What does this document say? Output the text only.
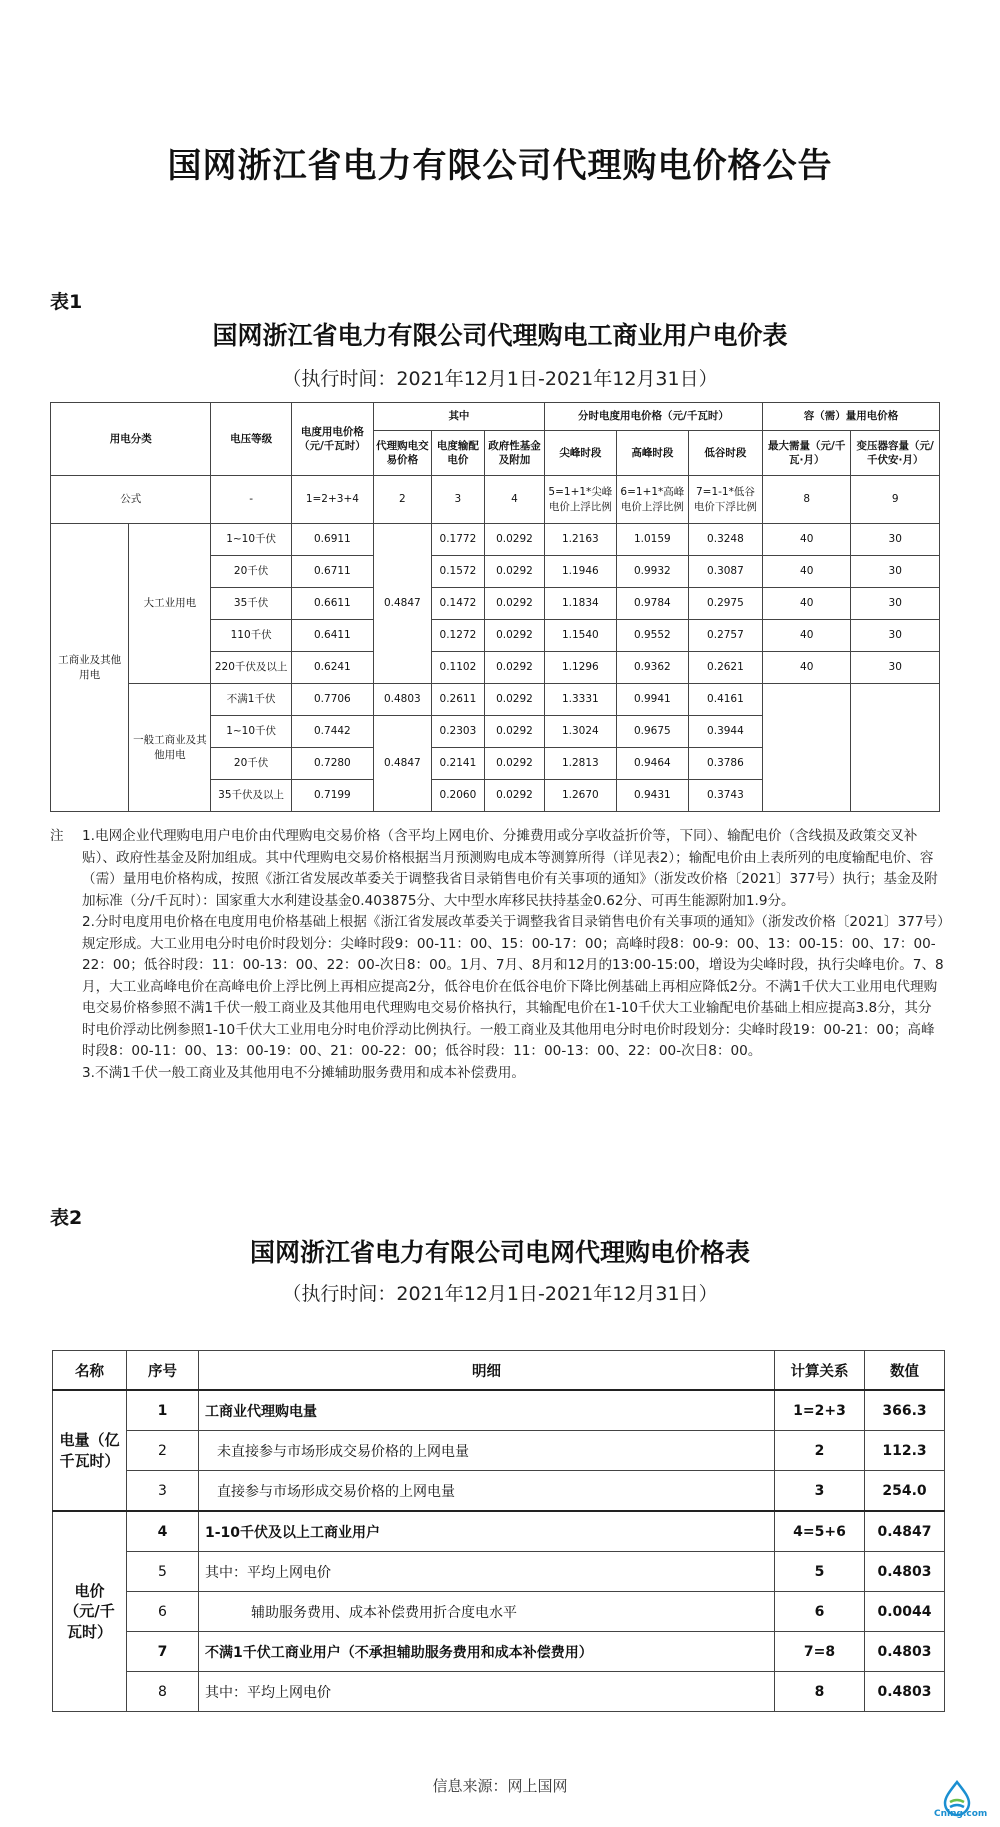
国网浙江省电力有限公司代理购电价格公告
表1
国网浙江省电力有限公司代理购电工商业用户电价表
（执行时间：2021年12月1日-2021年12月31日）
用电分类		电压等级	电度用电价格（元/千瓦时）	其中			分时电度用电价格（元/千瓦时）			容（需）量用电价格	
				代理购电交易价格	电度输配电价	政府性基金及附加	尖峰时段	高峰时段	低谷时段	最大需量（元/千瓦·月）	变压器容量（元/千伏安·月）
公式		-	1=2+3+4	2	3	4	5=1+1*尖峰电价上浮比例	6=1+1*高峰电价上浮比例	7=1-1*低谷电价下浮比例	8	9
工商业及其他用电	大工业用电	1~10千伏	0.6911	0.4847	0.1772	0.0292	1.2163	1.0159	0.3248	40	30
		20千伏	0.6711		0.1572	0.0292	1.1946	0.9932	0.3087	40	30
		35千伏	0.6611		0.1472	0.0292	1.1834	0.9784	0.2975	40	30
		110千伏	0.6411		0.1272	0.0292	1.1540	0.9552	0.2757	40	30
		220千伏及以上	0.6241		0.1102	0.0292	1.1296	0.9362	0.2621	40	30
	一般工商业及其他用电	不满1千伏	0.7706	0.4803	0.2611	0.0292	1.3331	0.9941	0.4161		
		1~10千伏	0.7442	0.4847	0.2303	0.0292	1.3024	0.9675	0.3944		
		20千伏	0.7280		0.2141	0.0292	1.2813	0.9464	0.3786		
		35千伏及以上	0.7199		0.2060	0.0292	1.2670	0.9431	0.3743		
注	1.电网企业代理购电用户电价由代理购电交易价格（含平均上网电价、分摊费用或分享收益折价等，下同）、输配电价（含线损及政策交叉补贴）、政府性基金及附加组成。其中代理购电交易价格根据当月预测购电成本等测算所得（详见表2）；输配电价由上表所列的电度输配电价、容（需）量用电价格构成，按照《浙江省发展改革委关于调整我省目录销售电价有关事项的通知》（浙发改价格〔2021〕377号）执行；基金及附加标准（分/千瓦时）：国家重大水利建设基金0.403875分、大中型水库移民扶持基金0.62分、可再生能源附加1.9分。

2.分时电度用电价格在电度用电价格基础上根据《浙江省发展改革委关于调整我省目录销售电价有关事项的通知》（浙发改价格〔2021〕377号）规定形成。大工业用电分时电价时段划分：尖峰时段9：00-11：00、15：00-17：00；高峰时段8：00-9：00、13：00-15：00、17：00-22：00；低谷时段：11：00-13：00、22：00-次日8：00。1月、7月、8月和12月的13:00-15:00，增设为尖峰时段，执行尖峰电价。7、8月，大工业高峰电价在高峰电价上浮比例上再相应提高2分，低谷电价在低谷电价下降比例基础上再相应降低2分。不满1千伏大工业用电代理购电交易价格参照不满1千伏一般工商业及其他用电代理购电交易价格执行，其输配电价在1-10千伏大工业输配电价基础上相应提高3.8分，其分时电价浮动比例参照1-10千伏大工业用电分时电价浮动比例执行。一般工商业及其他用电分时电价时段划分：尖峰时段19：00-21：00；高峰时段8：00-11：00、13：00-19：00、21：00-22：00；低谷时段：11：00-13：00、22：00-次日8：00。

3.不满1千伏一般工商业及其他用电不分摊辅助服务费用和成本补偿费用。

表2
国网浙江省电力有限公司电网代理购电价格表
（执行时间：2021年12月1日-2021年12月31日）
名称	序号	明细	计算关系	数值
电量（亿千瓦时）	1	工商业代理购电量	1=2+3	366.3
	2	未直接参与市场形成交易价格的上网电量	2	112.3
	3	直接参与市场形成交易价格的上网电量	3	254.0
电价（元/千瓦时）	4	1-10千伏及以上工商业用户	4=5+6	0.4847
	5	其中：平均上网电价	5	0.4803
	6	辅助服务费用、成本补偿费用折合度电水平	6	0.0044
	7	不满1千伏工商业用户（不承担辅助服务费用和成本补偿费用）	7=8	0.4803
	8	其中：平均上网电价	8	0.4803
信息来源：网上国网
Cnlng.com
